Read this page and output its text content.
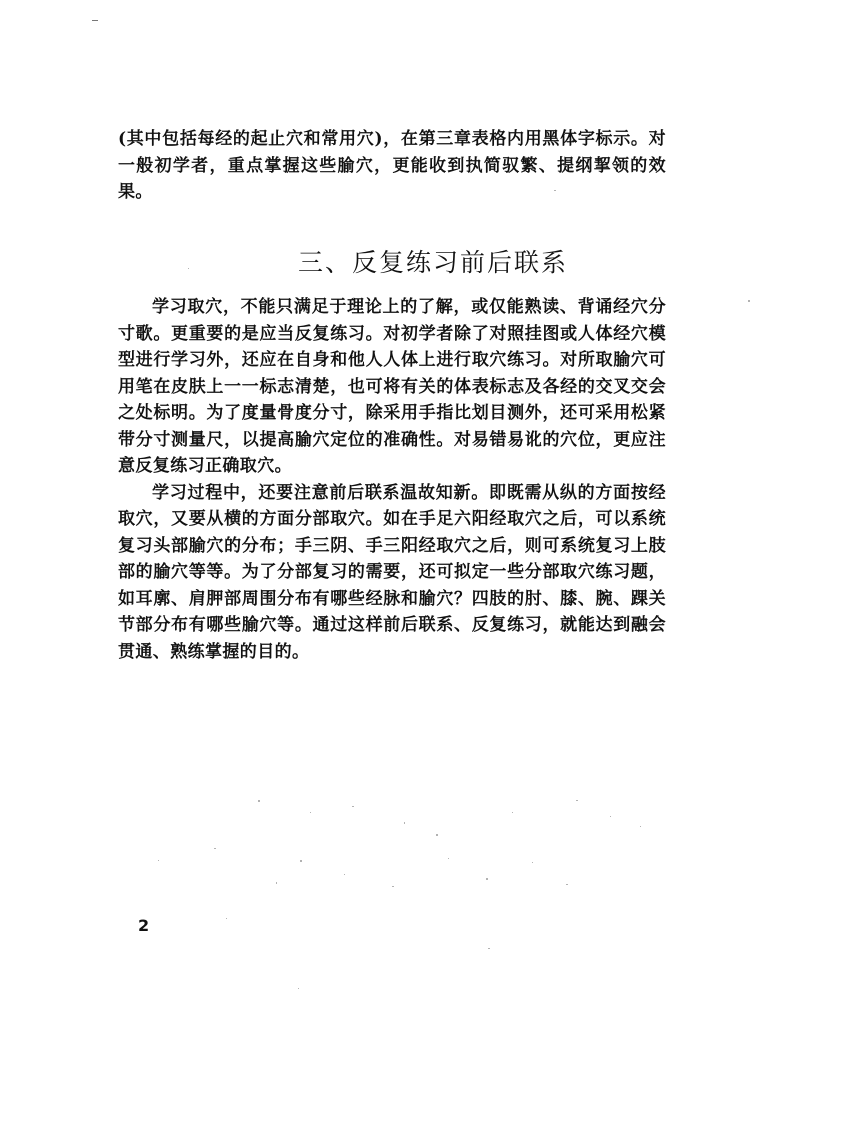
(其中包括每经的起止穴和常用穴)，在第三章表格内用黑体字标示。对一般初学者，重点掌握这些腧穴，更能收到执简驭繁、提纲挈领的效果。

三、反复练习前后联系

学习取穴，不能只满足于理论上的了解，或仅能熟读、背诵经穴分寸歌。更重要的是应当反复练习。对初学者除了对照挂图或人体经穴模型进行学习外，还应在自身和他人人体上进行取穴练习。对所取腧穴可用笔在皮肤上一一标志清楚，也可将有关的体表标志及各经的交叉交会之处标明。为了度量骨度分寸，除采用手指比划目测外，还可采用松紧带分寸测量尺，以提高腧穴定位的准确性。对易错易讹的穴位，更应注意反复练习正确取穴。

学习过程中，还要注意前后联系温故知新。即既需从纵的方面按经取穴，又要从横的方面分部取穴。如在手足六阳经取穴之后，可以系统复习头部腧穴的分布；手三阴、手三阳经取穴之后，则可系统复习上肢部的腧穴等等。为了分部复习的需要，还可拟定一些分部取穴练习题，如耳廓、肩胛部周围分布有哪些经脉和腧穴？四肢的肘、膝、腕、踝关节部分布有哪些腧穴等。通过这样前后联系、反复练习，就能达到融会贯通、熟练掌握的目的。

2
